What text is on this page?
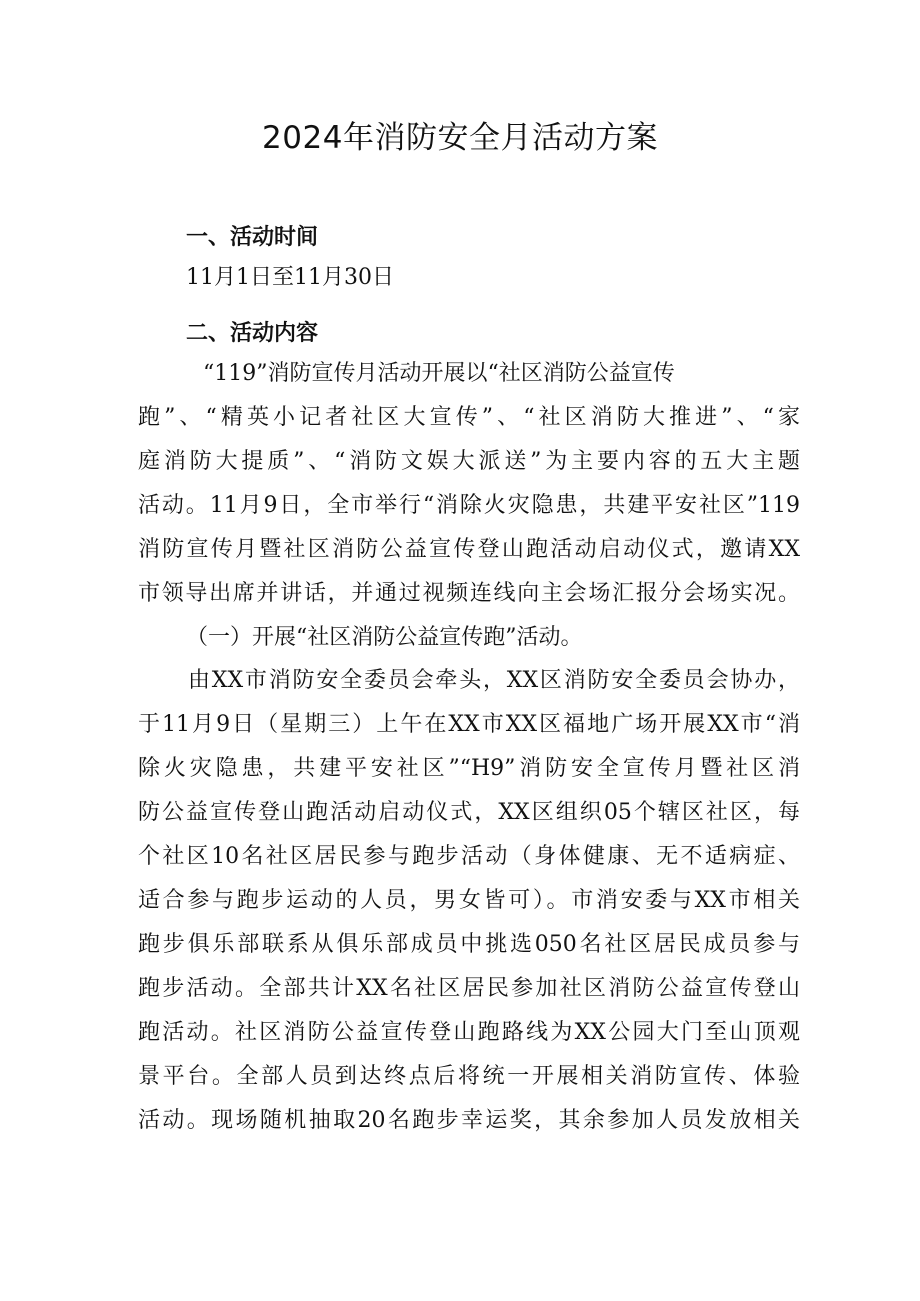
2024年消防安全月活动方案
一、活动时间

11月1日至11月30日

二、活动内容

“119”消防宣传月活动开展以“社区消防公益宣传

跑”、“精英小记者社区大宣传”、“社区消防大推进”、“家

庭消防大提质”、“消防文娱大派送”为主要内容的五大主题

活动。11月9日，全市举行“消除火灾隐患，共建平安社区”119

消防宣传月暨社区消防公益宣传登山跑活动启动仪式，邀请XX

市领导出席并讲话，并通过视频连线向主会场汇报分会场实况。

（一）开展“社区消防公益宣传跑”活动。

由XX市消防安全委员会牵头，XX区消防安全委员会协办，

于11月9日（星期三）上午在XX市XX区福地广场开展XX市“消

除火灾隐患，共建平安社区”“H9”消防安全宣传月暨社区消

防公益宣传登山跑活动启动仪式，XX区组织05个辖区社区，每

个社区10名社区居民参与跑步活动（身体健康、无不适病症、

适合参与跑步运动的人员，男女皆可）。市消安委与XX市相关

跑步俱乐部联系从俱乐部成员中挑选050名社区居民成员参与

跑步活动。全部共计XX名社区居民参加社区消防公益宣传登山

跑活动。社区消防公益宣传登山跑路线为XX公园大门至山顶观

景平台。全部人员到达终点后将统一开展相关消防宣传、体验

活动。现场随机抽取20名跑步幸运奖，其余参加人员发放相关
